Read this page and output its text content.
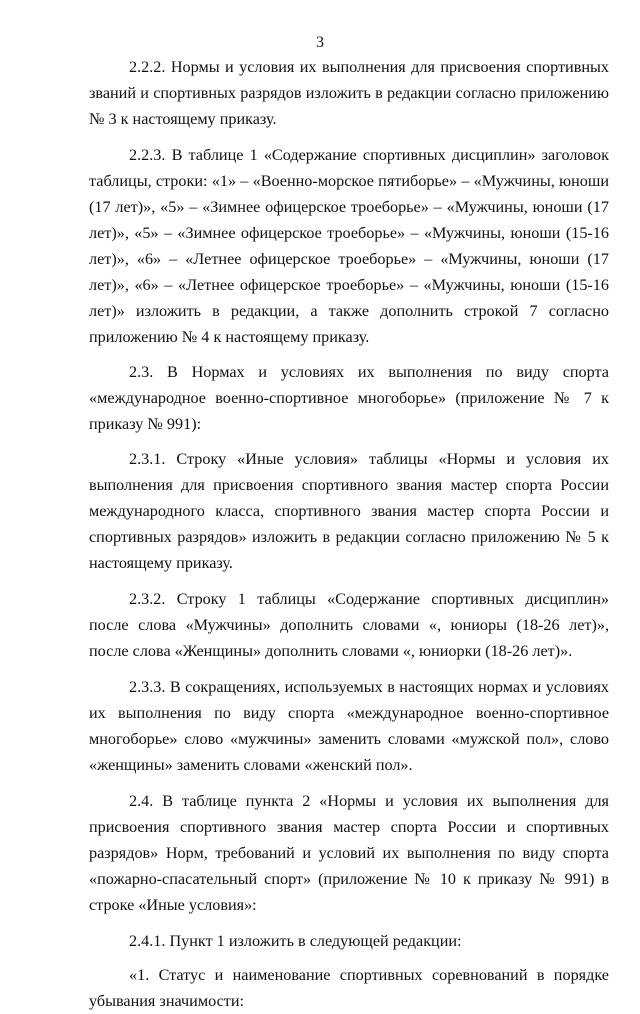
3

2.2.2. Нормы и условия их выполнения для присвоения спортивных званий и спортивных разрядов изложить в редакции согласно приложению № 3 к настоящему приказу.

2.2.3. В таблице 1 «Содержание спортивных дисциплин» заголовок таблицы, строки: «1» – «Военно-морское пятиборье» – «Мужчины, юноши (17 лет)», «5» – «Зимнее офицерское троеборье» – «Мужчины, юноши (17 лет)», «5» – «Зимнее офицерское троеборье» – «Мужчины, юноши (15-16 лет)», «6» – «Летнее офицерское троеборье» – «Мужчины, юноши (17 лет)», «6» – «Летнее офицерское троеборье» – «Мужчины, юноши (15-16 лет)» изложить в редакции, а также дополнить строкой 7 согласно приложению № 4 к настоящему приказу.

2.3. В Нормах и условиях их выполнения по виду спорта «международное военно-спортивное многоборье» (приложение № 7 к приказу № 991):

2.3.1. Строку «Иные условия» таблицы «Нормы и условия их выполнения для присвоения спортивного звания мастер спорта России международного класса, спортивного звания мастер спорта России и спортивных разрядов» изложить в редакции согласно приложению № 5 к настоящему приказу.

2.3.2. Строку 1 таблицы «Содержание спортивных дисциплин» после слова «Мужчины» дополнить словами «, юниоры (18-26 лет)», после слова «Женщины» дополнить словами «, юниорки (18-26 лет)».

2.3.3. В сокращениях, используемых в настоящих нормах и условиях их выполнения по виду спорта «международное военно-спортивное многоборье» слово «мужчины» заменить словами «мужской пол», слово «женщины» заменить словами «женский пол».

2.4. В таблице пункта 2 «Нормы и условия их выполнения для присвоения спортивного звания мастер спорта России и спортивных разрядов» Норм, требований и условий их выполнения по виду спорта «пожарно-спасательный спорт» (приложение № 10 к приказу № 991) в строке «Иные условия»:

2.4.1. Пункт 1 изложить в следующей редакции:

«1. Статус и наименование спортивных соревнований в порядке убывания значимости:
